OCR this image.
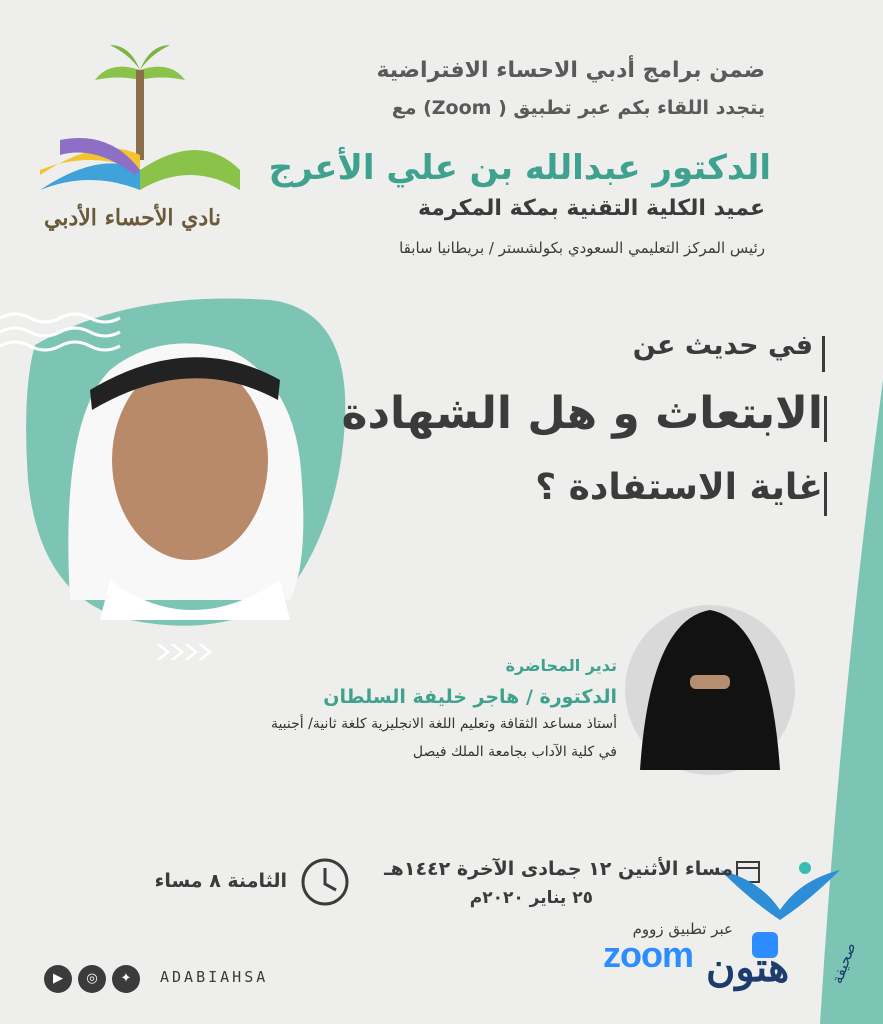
نادي الأحساء الأدبي
ضمن برامج أدبي الاحساء الافتراضية
يتجدد اللقاء بكم عبر تطبيق ( Zoom) مع
الدكتور عبدالله بن علي الأعرج
عميد الكلية التقنية بمكة المكرمة
رئيس المركز التعليمي السعودي بكولشستر / بريطانيا سابقا
في حديث عن
الابتعاث و هل الشهادة
غاية الاستفادة ؟
تدير المحاضرة
الدكتورة / هاجر خليفة السلطان
أستاذ مساعد الثقافة وتعليم اللغة الانجليزية كلغة ثانية/ أجنبية
في كلية الآداب بجامعة الملك فيصل
مساء الأثنين ١٢ جمادى الآخرة ١٤٤٢هـ
٢٥ يناير ٢٠٢٠م
الثامنة ٨ مساء
عبر تطبيق زووم
zoom
▶	◎	✦	ADABIAHSA	هتون	صحيفة
